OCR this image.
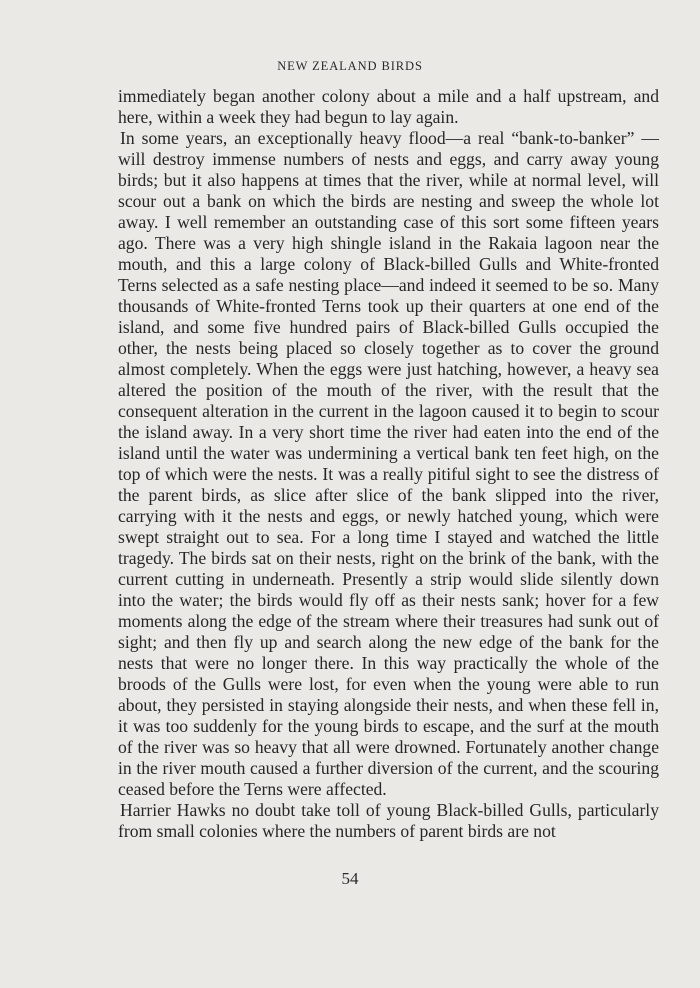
NEW ZEALAND BIRDS

immediately began another colony about a mile and a half upstream, and here, within a week they had begun to lay again.

In some years, an exceptionally heavy flood—a real “bank-to-banker” —will destroy immense numbers of nests and eggs, and carry away young birds; but it also happens at times that the river, while at normal level, will scour out a bank on which the birds are nesting and sweep the whole lot away. I well remember an outstanding case of this sort some fifteen years ago. There was a very high shingle island in the Rakaia lagoon near the mouth, and this a large colony of Black-billed Gulls and White-fronted Terns selected as a safe nesting place—and indeed it seemed to be so. Many thousands of White-fronted Terns took up their quarters at one end of the island, and some five hundred pairs of Black-billed Gulls occupied the other, the nests being placed so closely together as to cover the ground almost completely. When the eggs were just hatching, however, a heavy sea altered the position of the mouth of the river, with the result that the consequent alteration in the current in the lagoon caused it to begin to scour the island away. In a very short time the river had eaten into the end of the island until the water was undermining a vertical bank ten feet high, on the top of which were the nests. It was a really pitiful sight to see the distress of the parent birds, as slice after slice of the bank slipped into the river, carrying with it the nests and eggs, or newly hatched young, which were swept straight out to sea. For a long time I stayed and watched the little tragedy. The birds sat on their nests, right on the brink of the bank, with the current cutting in underneath. Presently a strip would slide silently down into the water; the birds would fly off as their nests sank; hover for a few moments along the edge of the stream where their treasures had sunk out of sight; and then fly up and search along the new edge of the bank for the nests that were no longer there. In this way practically the whole of the broods of the Gulls were lost, for even when the young were able to run about, they persisted in staying alongside their nests, and when these fell in, it was too suddenly for the young birds to escape, and the surf at the mouth of the river was so heavy that all were drowned. Fortunately another change in the river mouth caused a further diversion of the current, and the scouring ceased before the Terns were affected.

Harrier Hawks no doubt take toll of young Black-billed Gulls, particularly from small colonies where the numbers of parent birds are not

54
